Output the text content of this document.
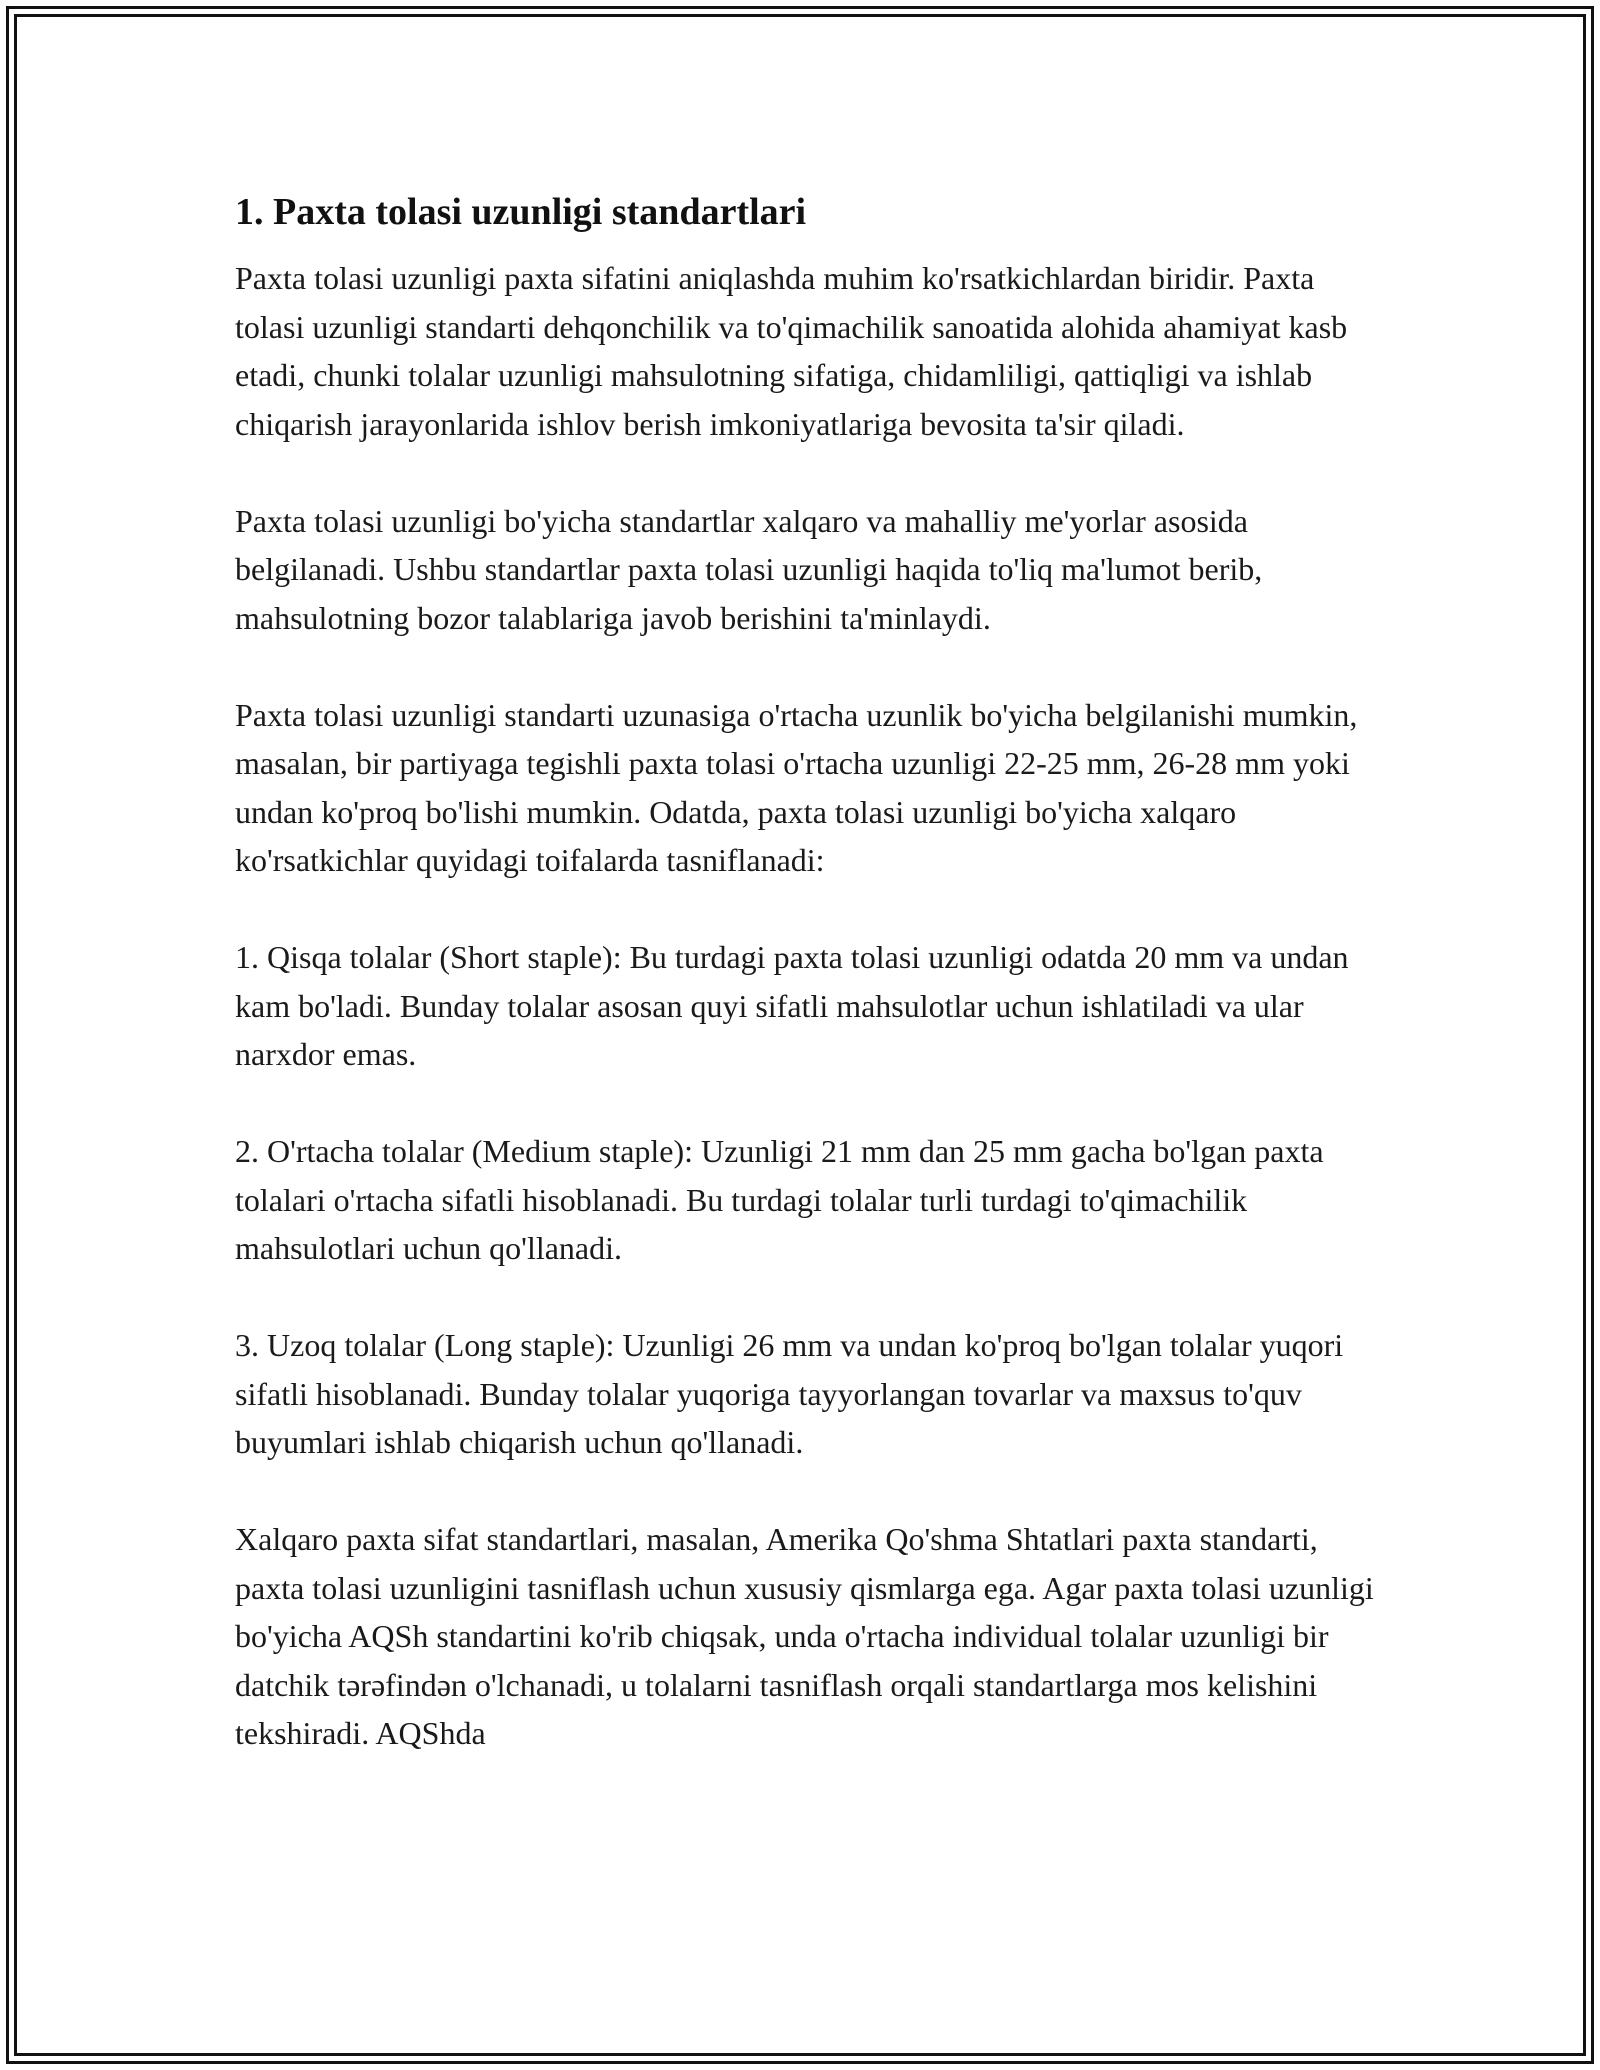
1. Paxta tolasi uzunligi standartlari

Paxta tolasi uzunligi paxta sifatini aniqlashda muhim ko'rsatkichlardan biridir. Paxta tolasi uzunligi standarti dehqonchilik va to'qimachilik sanoatida alohida ahamiyat kasb etadi, chunki tolalar uzunligi mahsulotning sifatiga, chidamliligi, qattiqligi va ishlab chiqarish jarayonlarida ishlov berish imkoniyatlariga bevosita ta'sir qiladi.

Paxta tolasi uzunligi bo'yicha standartlar xalqaro va mahalliy me'yorlar asosida belgilanadi. Ushbu standartlar paxta tolasi uzunligi haqida to'liq ma'lumot berib, mahsulotning bozor talablariga javob berishini ta'minlaydi.

Paxta tolasi uzunligi standarti uzunasiga o'rtacha uzunlik bo'yicha belgilanishi mumkin, masalan, bir partiyaga tegishli paxta tolasi o'rtacha uzunligi 22-25 mm, 26-28 mm yoki undan ko'proq bo'lishi mumkin. Odatda, paxta tolasi uzunligi bo'yicha xalqaro ko'rsatkichlar quyidagi toifalarda tasniflanadi:

1. Qisqa tolalar (Short staple): Bu turdagi paxta tolasi uzunligi odatda 20 mm va undan kam bo'ladi. Bunday tolalar asosan quyi sifatli mahsulotlar uchun ishlatiladi va ular narxdor emas.

2. O'rtacha tolalar (Medium staple): Uzunligi 21 mm dan 25 mm gacha bo'lgan paxta tolalari o'rtacha sifatli hisoblanadi. Bu turdagi tolalar turli turdagi to'qimachilik mahsulotlari uchun qo'llanadi.

3. Uzoq tolalar (Long staple): Uzunligi 26 mm va undan ko'proq bo'lgan tolalar yuqori sifatli hisoblanadi. Bunday tolalar yuqoriga tayyorlangan tovarlar va maxsus to'quv buyumlari ishlab chiqarish uchun qo'llanadi.

Xalqaro paxta sifat standartlari, masalan, Amerika Qo'shma Shtatlari paxta standarti, paxta tolasi uzunligini tasniflash uchun xususiy qismlarga ega. Agar paxta tolasi uzunligi bo'yicha AQSh standartini ko'rib chiqsak, unda o'rtacha individual tolalar uzunligi bir datchik tərəfindən o'lchanadi, u tolalarni tasniflash orqali standartlarga mos kelishini tekshiradi. AQShda
